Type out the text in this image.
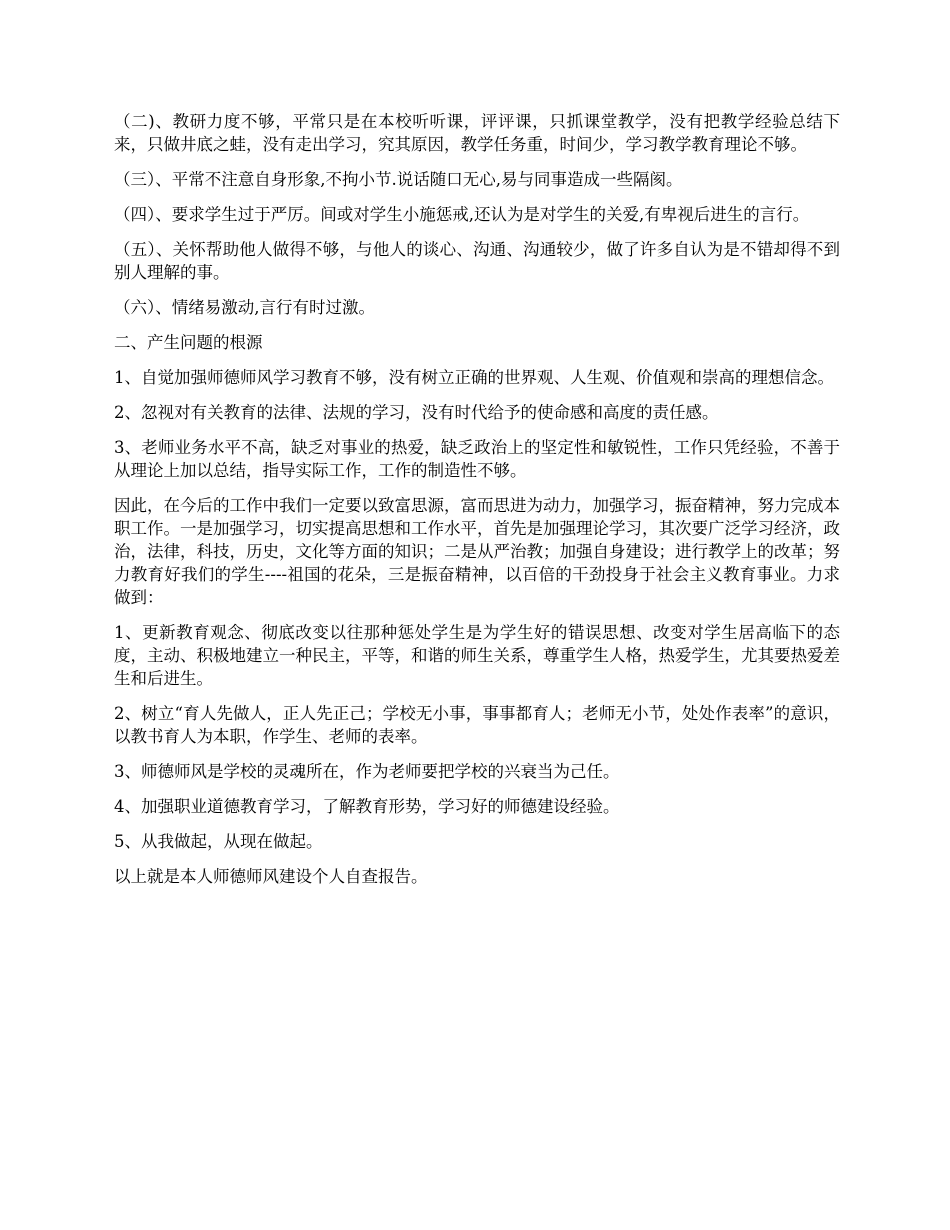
（二)、教研力度不够，平常只是在本校听听课，评评课，只抓课堂教学，没有把教学经验总结下来，只做井底之蛙，没有走出学习，究其原因，教学任务重，时间少，学习教学教育理论不够。

（三）、平常不注意自身形象,不拘小节.说话随口无心,易与同事造成一些隔阂。

（四）、要求学生过于严厉。间或对学生小施惩戒,还认为是对学生的关爱,有卑视后进生的言行。

（五）、关怀帮助他人做得不够，与他人的谈心、沟通、沟通较少，做了许多自认为是不错却得不到别人理解的事。

（六）、情绪易激动,言行有时过激。

二、产生问题的根源

1、自觉加强师德师风学习教育不够，没有树立正确的世界观、人生观、价值观和崇高的理想信念。

2、忽视对有关教育的法律、法规的学习，没有时代给予的使命感和高度的责任感。

3、老师业务水平不高，缺乏对事业的热爱，缺乏政治上的坚定性和敏锐性，工作只凭经验，不善于从理论上加以总结，指导实际工作，工作的制造性不够。

因此，在今后的工作中我们一定要以致富思源，富而思进为动力，加强学习，振奋精神，努力完成本职工作。一是加强学习，切实提高思想和工作水平，首先是加强理论学习，其次要广泛学习经济，政治，法律，科技，历史，文化等方面的知识；二是从严治教；加强自身建设；进行教学上的改革；努力教育好我们的学生----祖国的花朵，三是振奋精神，以百倍的干劲投身于社会主义教育事业。力求做到：

1、更新教育观念、彻底改变以往那种惩处学生是为学生好的错误思想、改变对学生居高临下的态度，主动、积极地建立一种民主，平等，和谐的师生关系，尊重学生人格，热爱学生，尤其要热爱差生和后进生。

2、树立“育人先做人，正人先正己；学校无小事，事事都育人；老师无小节，处处作表率”的意识，以教书育人为本职，作学生、老师的表率。

3、师德师风是学校的灵魂所在，作为老师要把学校的兴衰当为己任。

4、加强职业道德教育学习，了解教育形势，学习好的师德建设经验。

5、从我做起，从现在做起。

以上就是本人师德师风建设个人自查报告。
